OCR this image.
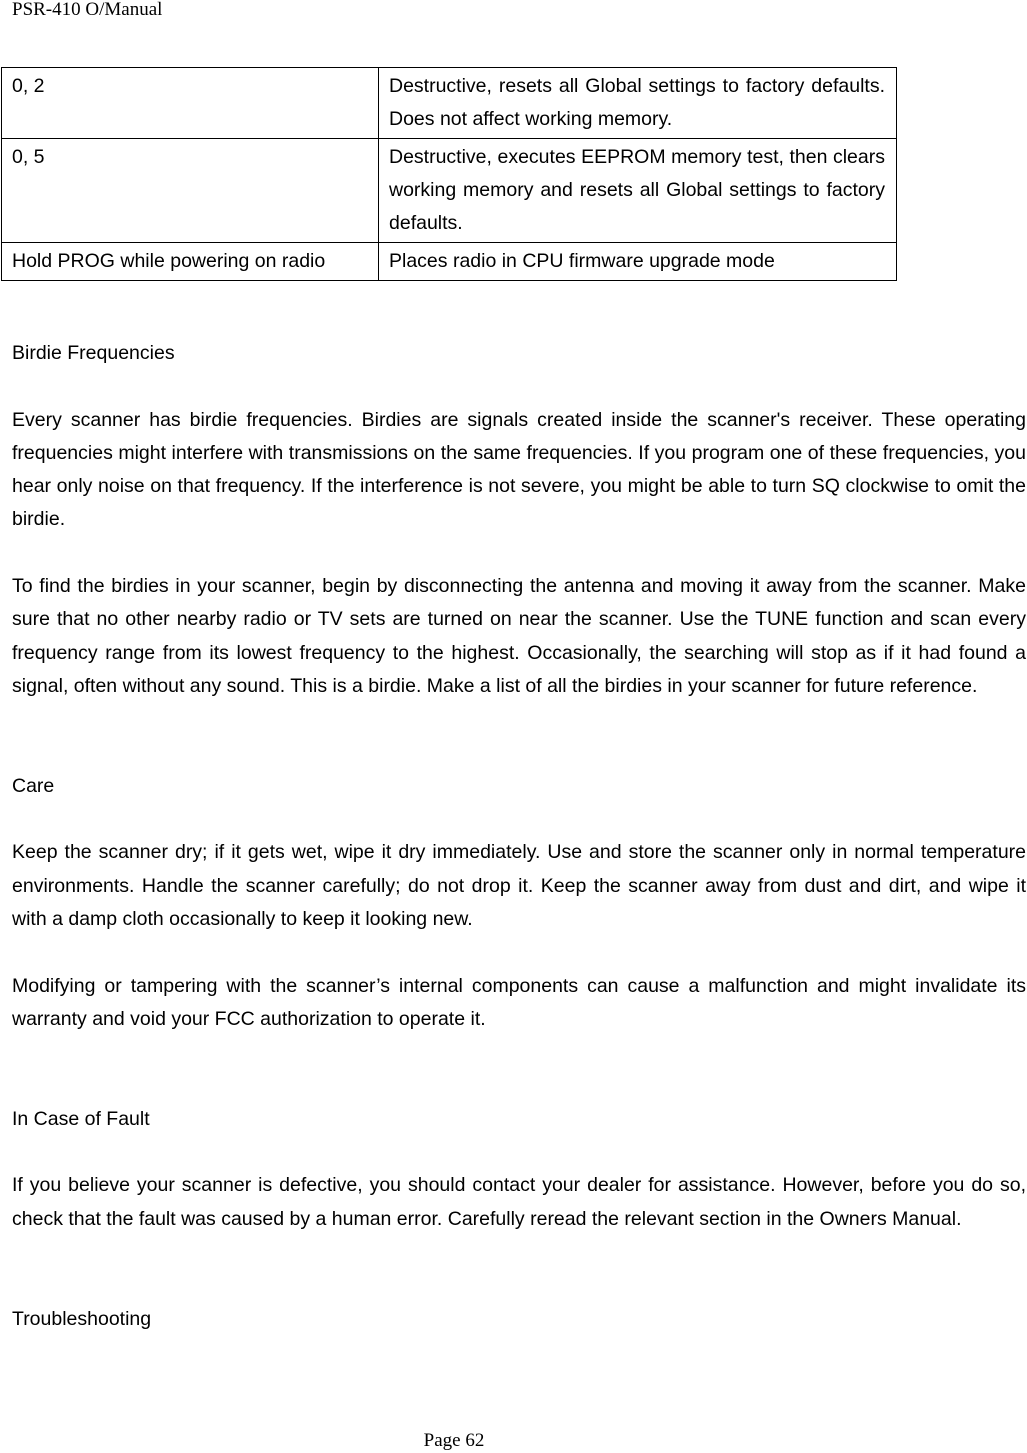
PSR-410 O/Manual
0, 2	Destructive, resets all Global settings to factory defaults. Does not affect working memory.
0, 5	Destructive, executes EEPROM memory test, then clears working memory and resets all Global settings to factory defaults.
Hold PROG while powering on radio	Places radio in CPU firmware upgrade mode
Birdie Frequencies

Every scanner has birdie frequencies. Birdies are signals created inside the scanner's receiver. These operating frequencies might interfere with transmissions on the same frequencies. If you program one of these frequencies, you hear only noise on that frequency. If the interference is not severe, you might be able to turn SQ clockwise to omit the birdie.

To find the birdies in your scanner, begin by disconnecting the antenna and moving it away from the scanner. Make sure that no other nearby radio or TV sets are turned on near the scanner. Use the TUNE function and scan every frequency range from its lowest frequency to the highest. Occasionally, the searching will stop as if it had found a signal, often without any sound. This is a birdie. Make a list of all the birdies in your scanner for future reference.

Care

Keep the scanner dry; if it gets wet, wipe it dry immediately. Use and store the scanner only in normal temperature environments. Handle the scanner carefully; do not drop it. Keep the scanner away from dust and dirt, and wipe it with a damp cloth occasionally to keep it looking new.

Modifying or tampering with the scanner’s internal components can cause a malfunction and might invalidate its warranty and void your FCC authorization to operate it.

In Case of Fault

If you believe your scanner is defective, you should contact your dealer for assistance. However, before you do so, check that the fault was caused by a human error. Carefully reread the relevant section in the Owners Manual.

Troubleshooting
Page 62
